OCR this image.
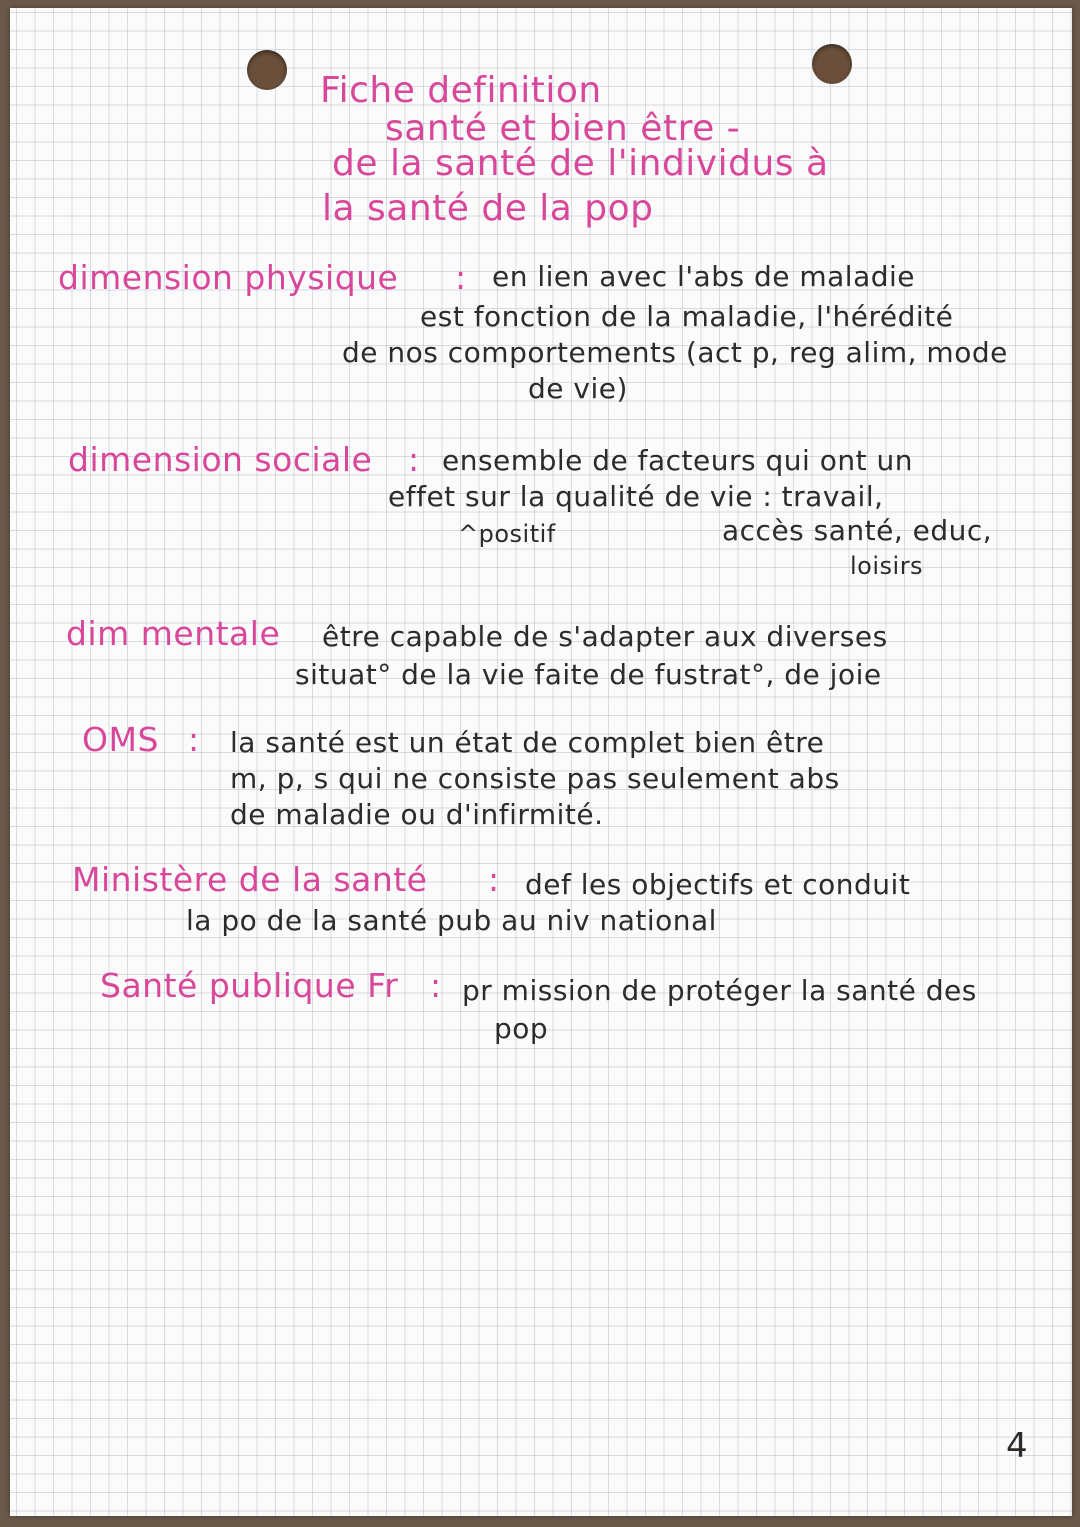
Fiche definition
santé et bien être -
de la santé de l'individus à
la santé de la pop
dimension physique : en lien avec l'abs de maladie
est fonction de la maladie, l'hérédité
de nos comportements (act p, reg alim, mode
de vie)
dimension sociale : ensemble de facteurs qui ont un
effet sur la qualité de vie : travail,
^positif	accès santé, educ,
loisirs
dim mentale être capable de s'adapter aux diverses
situat° de la vie faite de fustrat°, de joie
OMS : la santé est un état de complet bien être
m, p, s qui ne consiste pas seulement abs
de maladie ou d'infirmité.
Ministère de la santé : def les objectifs et conduit
la po de la santé pub au niv national
Santé publique Fr : pr mission de protéger la santé des
pop
4
